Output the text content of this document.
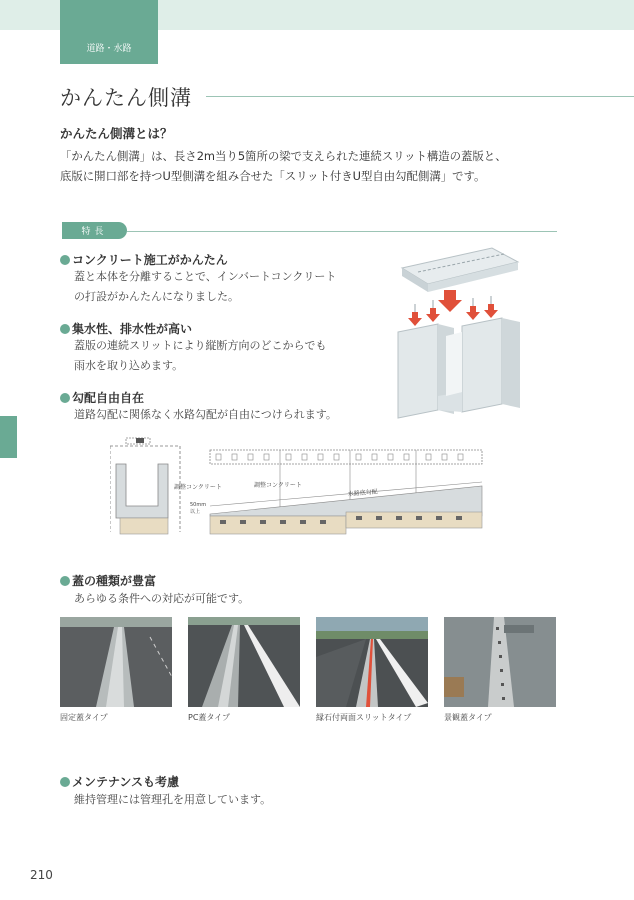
道路・水路
かんたん側溝
かんたん側溝とは？
「かんたん側溝」は、長さ2m当り5箇所の梁で支えられた連続スリット構造の蓋版と、
底版に開口部を持つU型側溝を組み合せた「スリット付きU型自由勾配側溝」です。
特長
コンクリート施工がかんたん
蓋と本体を分離することで、インバートコンクリート
の打設がかんたんになりました。
集水性、排水性が高い
蓋版の連続スリットにより縦断方向のどこからでも
雨水を取り込めます。
勾配自由自在
道路勾配に関係なく水路勾配が自由につけられます。
調整コンクリート
50mm
以上
調整コンクリート
水路底勾配
蓋の種類が豊富
あらゆる条件への対応が可能です。
固定蓋タイプ	PC蓋タイプ	縁石付両面スリットタイプ	景観蓋タイプ
メンテナンスも考慮
維持管理には管理孔を用意しています。
210
